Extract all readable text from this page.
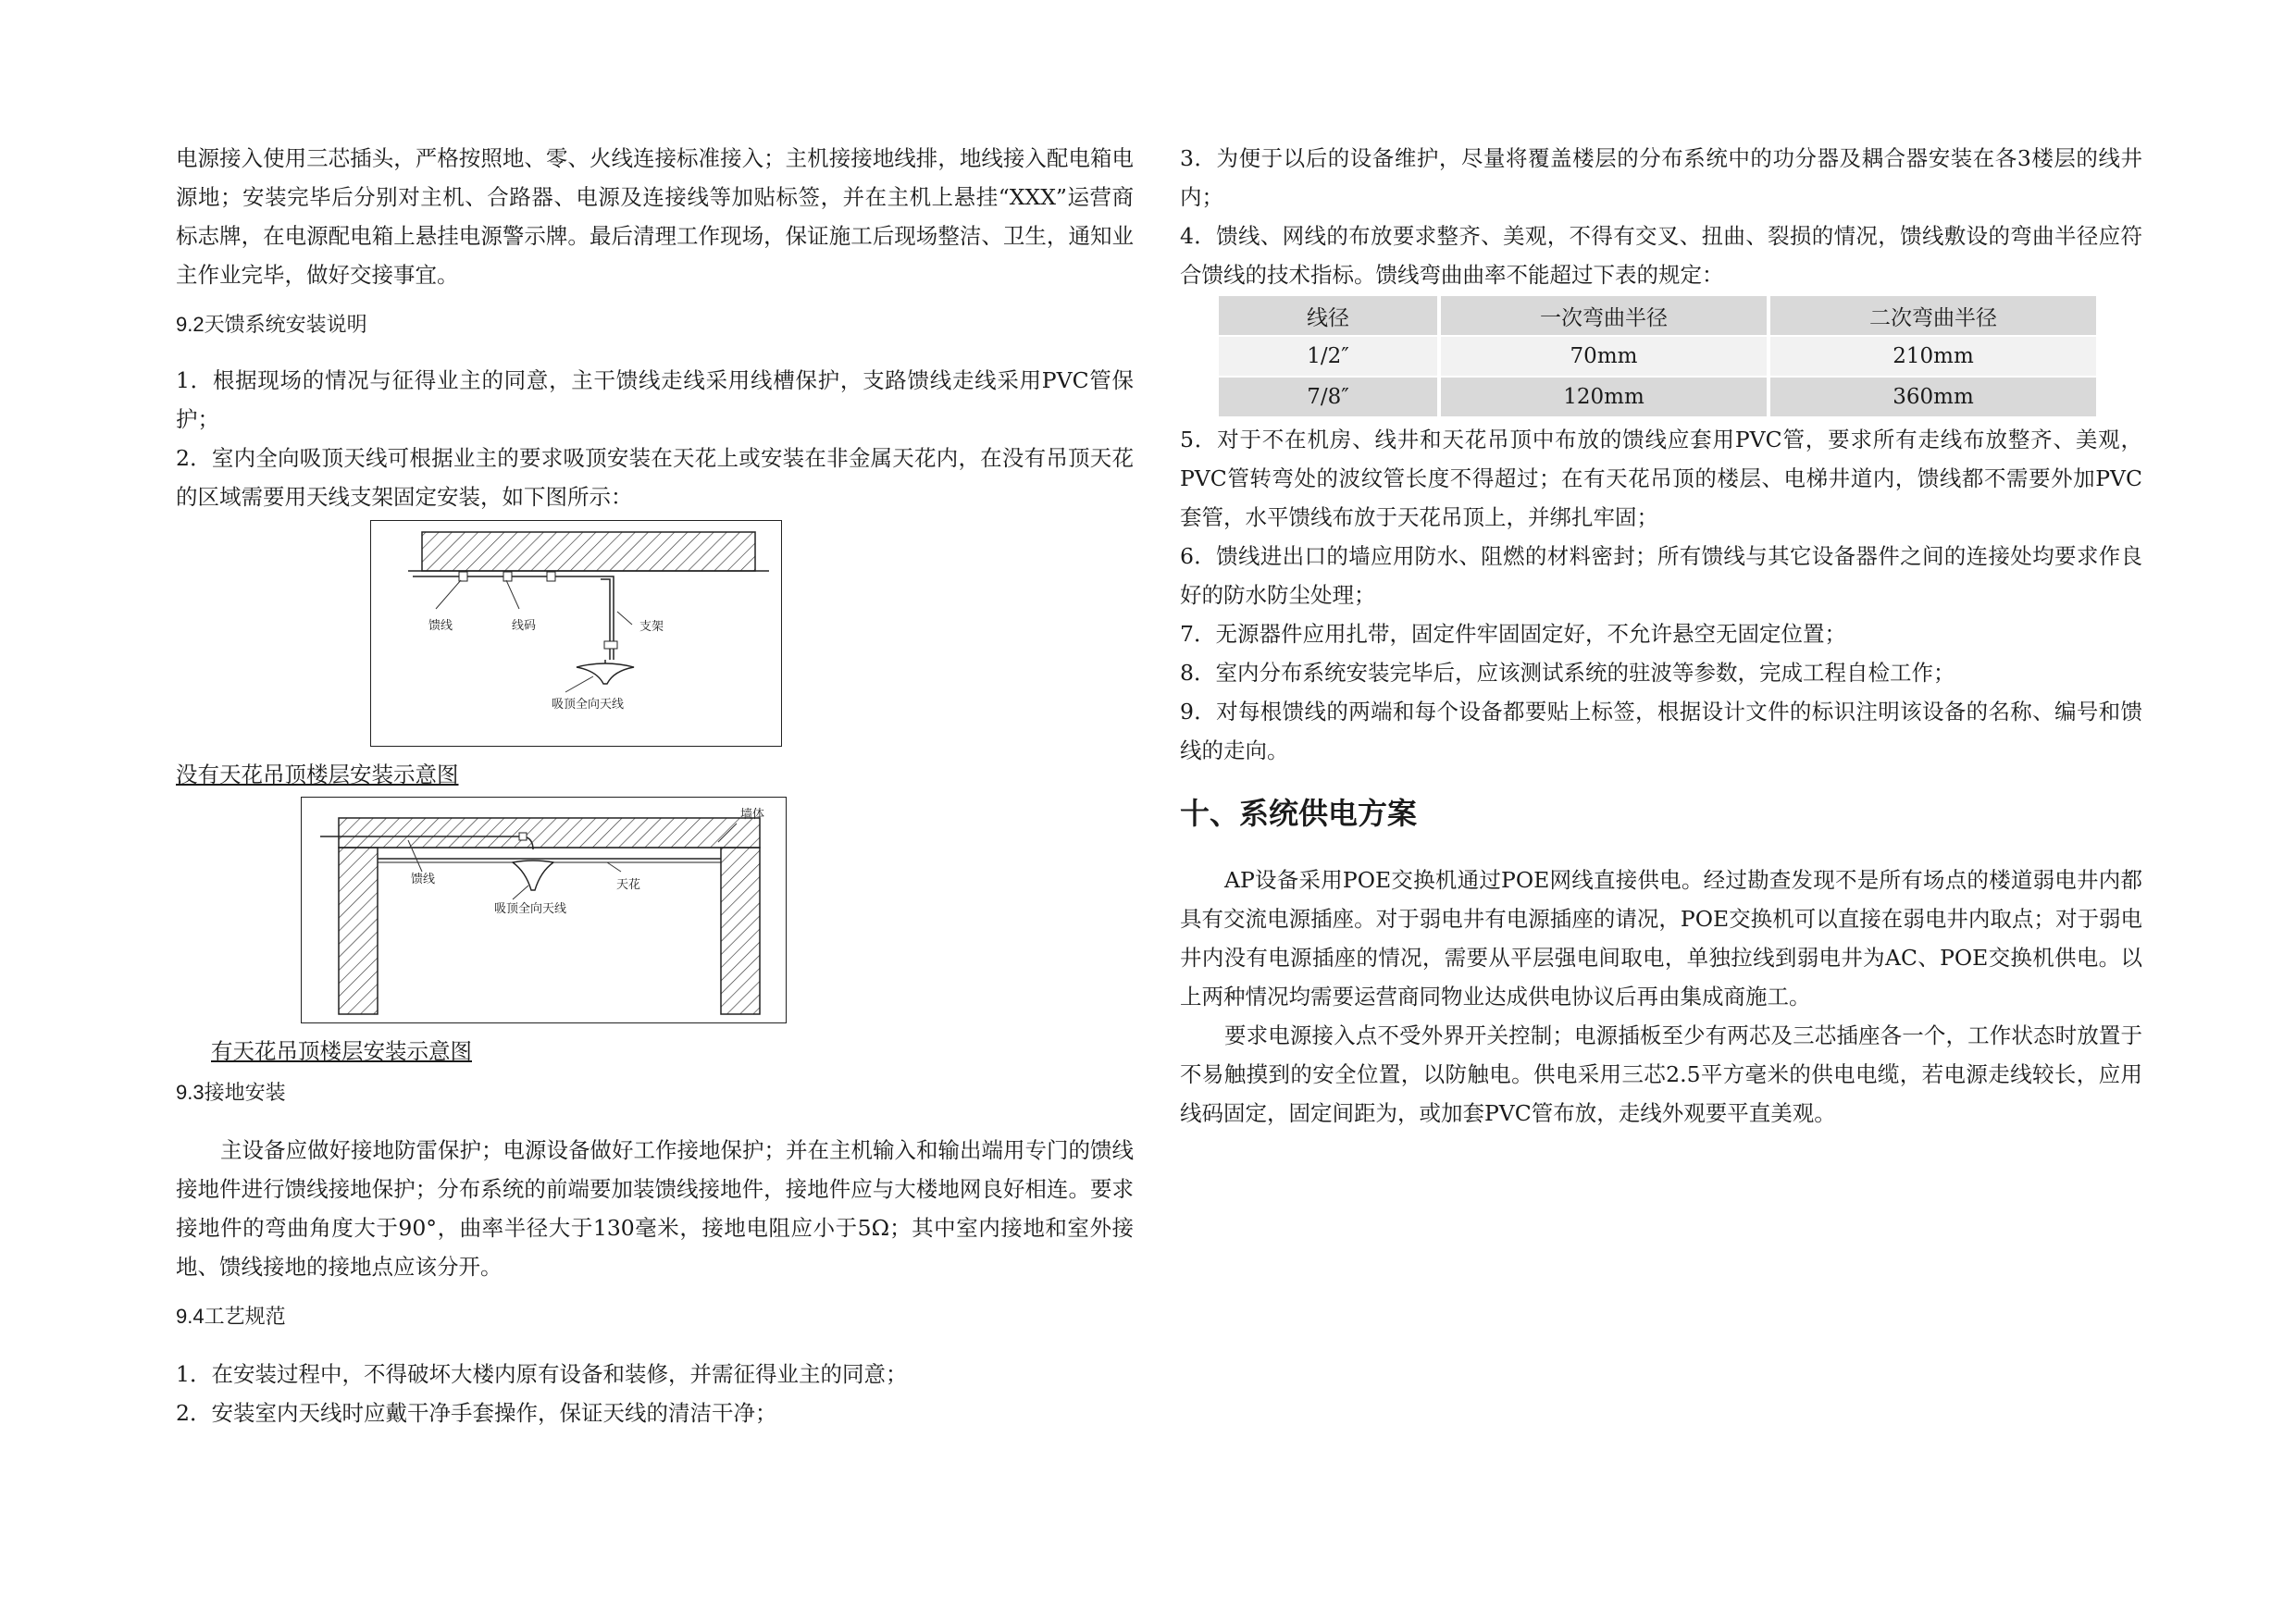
电源接入使用三芯插头，严格按照地、零、火线连接标准接入；主机接接地线排，地线接入配电箱电源地；安装完毕后分别对主机、合路器、电源及连接线等加贴标签，并在主机上悬挂“XXX”运营商标志牌，在电源配电箱上悬挂电源警示牌。最后清理工作现场，保证施工后现场整洁、卫生，通知业主作业完毕，做好交接事宜。

9.2天馈系统安装说明

1．根据现场的情况与征得业主的同意，主干馈线走线采用线槽保护，支路馈线走线采用PVC管保护；

2．室内全向吸顶天线可根据业主的要求吸顶安装在天花上或安装在非金属天花内，在没有吊顶天花的区域需要用天线支架固定安装，如下图所示：

馈线	线码	支架
吸顶全向天线
没有天花吊顶楼层安装示意图
墙体
馈线	天花
吸顶全向天线
有天花吊顶楼层安装示意图
9.3接地安装

主设备应做好接地防雷保护；电源设备做好工作接地保护；并在主机输入和输出端用专门的馈线接地件进行馈线接地保护；分布系统的前端要加装馈线接地件，接地件应与大楼地网良好相连。要求接地件的弯曲角度大于90°，曲率半径大于130毫米，接地电阻应小于5Ω；其中室内接地和室外接地、馈线接地的接地点应该分开。

9.4工艺规范

1．在安装过程中，不得破坏大楼内原有设备和装修，并需征得业主的同意；

2．安装室内天线时应戴干净手套操作，保证天线的清洁干净；

3．为便于以后的设备维护，尽量将覆盖楼层的分布系统中的功分器及耦合器安装在各3楼层的线井内；

4．馈线、网线的布放要求整齐、美观，不得有交叉、扭曲、裂损的情况，馈线敷设的弯曲半径应符合馈线的技术指标。馈线弯曲曲率不能超过下表的规定：

线径	一次弯曲半径	二次弯曲半径
1/2″	70mm	210mm
7/8″	120mm	360mm

5．对于不在机房、线井和天花吊顶中布放的馈线应套用PVC管，要求所有走线布放整齐、美观，PVC管转弯处的波纹管长度不得超过；在有天花吊顶的楼层、电梯井道内，馈线都不需要外加PVC套管，水平馈线布放于天花吊顶上，并绑扎牢固；

6．馈线进出口的墙应用防水、阻燃的材料密封；所有馈线与其它设备器件之间的连接处均要求作良好的防水防尘处理；

7．无源器件应用扎带，固定件牢固固定好，不允许悬空无固定位置；

8．室内分布系统安装完毕后，应该测试系统的驻波等参数，完成工程自检工作；

9．对每根馈线的两端和每个设备都要贴上标签，根据设计文件的标识注明该设备的名称、编号和馈线的走向。

十、系统供电方案

AP设备采用POE交换机通过POE网线直接供电。经过勘查发现不是所有场点的楼道弱电井内都具有交流电源插座。对于弱电井有电源插座的请况，POE交换机可以直接在弱电井内取点；对于弱电井内没有电源插座的情况，需要从平层强电间取电，单独拉线到弱电井为AC、POE交换机供电。以上两种情况均需要运营商同物业达成供电协议后再由集成商施工。

要求电源接入点不受外界开关控制；电源插板至少有两芯及三芯插座各一个，工作状态时放置于不易触摸到的安全位置，以防触电。供电采用三芯2.5平方毫米的供电电缆，若电源走线较长，应用线码固定，固定间距为，或加套PVC管布放，走线外观要平直美观。
